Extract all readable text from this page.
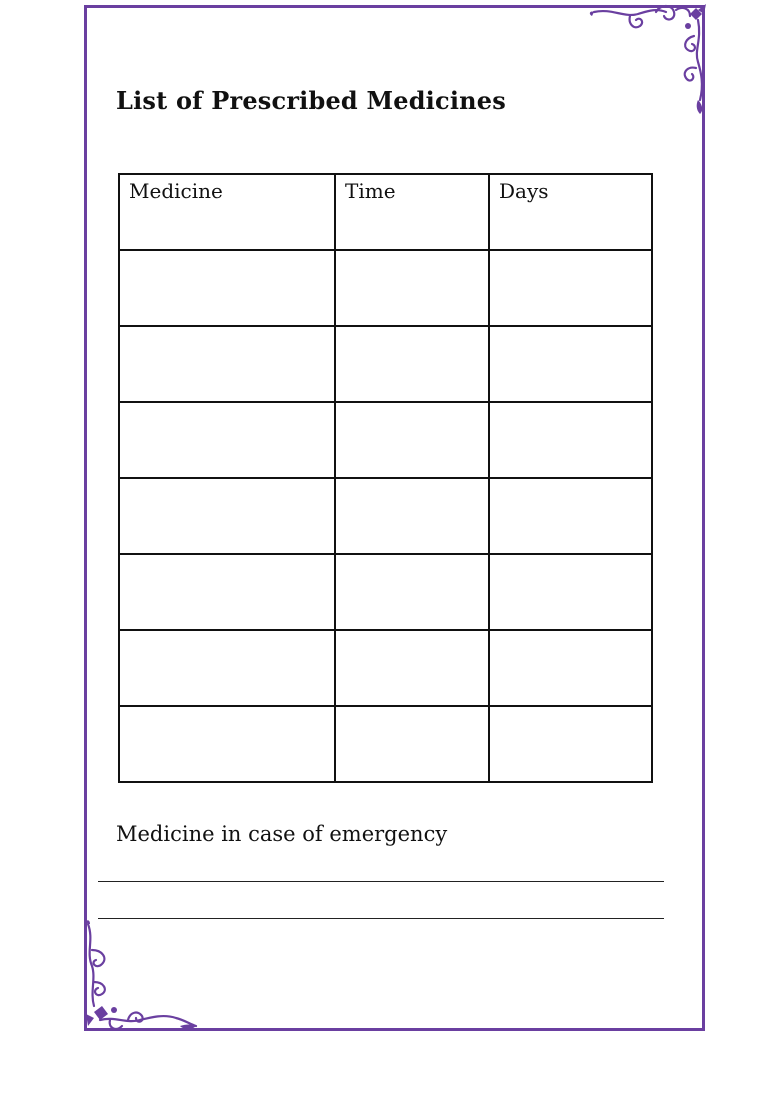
List of Prescribed Medicines
Medicine	Time	Days

Medicine in case of emergency
